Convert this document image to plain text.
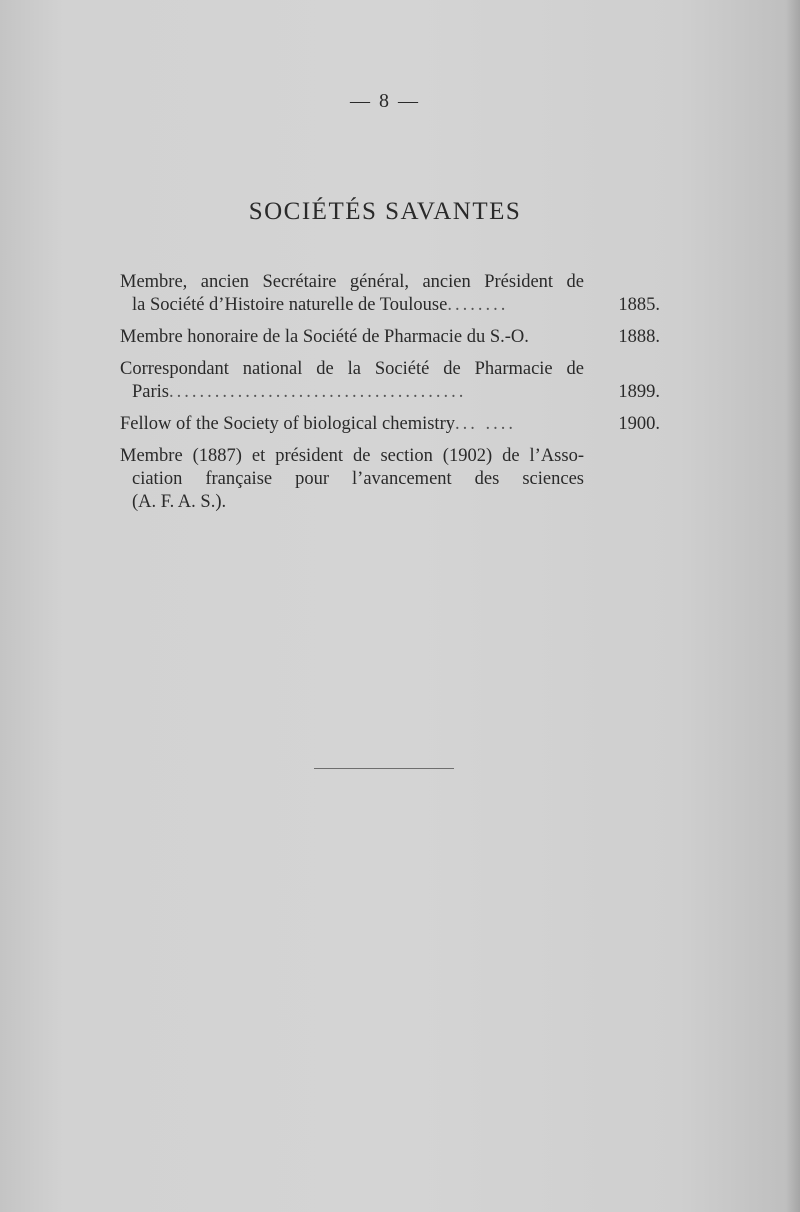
— 8 —
SOCIÉTÉS SAVANTES
Membre, ancien Secrétaire général, ancien Président de
la Société d’Histoire naturelle de Toulouse ........	1885.
Membre honoraire de la Société de Pharmacie du S.-O.	1888.
Correspondant national de la Société de Pharmacie de
Paris .......................................	1899.
Fellow of the Society of biological chemistry ... ....	1900.
Membre (1887) et président de section (1902) de l’Asso-
ciation française pour l’avancement des sciences
(A. F. A. S.).
